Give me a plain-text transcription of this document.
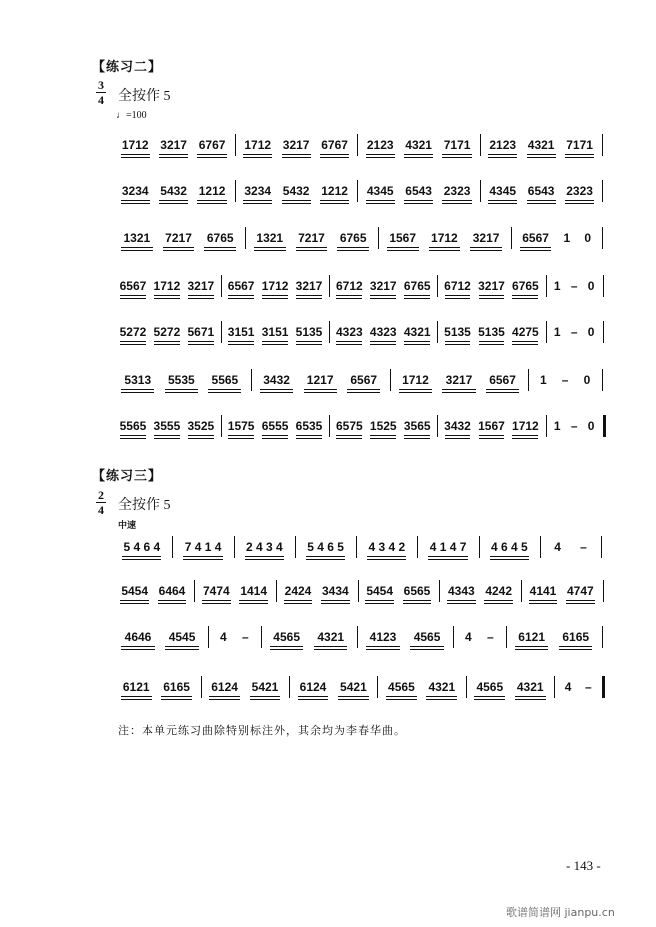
【练习二】
3
4 全按作 5
♩=100
1712 3217 6767	1712 3217 6767	2123 4321 7171	2123 4321 7171
3234 5432 1212	3234 5432 1212	4345 6543 2323	4345 6543 2323
1321	7217	6765	1321	7217	6765	1567	1712	3217	6567	1	0
6567 1712 3217	6567 1712 3217	6712 3217 6765	6712 3217 6765	1 – 0
5272 5272 5671	3151 3151 5135	4323 4323 4321	5135 5135 4275	1 – 0
5313	5535	5565	3432	1217	6567	1712	3217	6567	1	–	0
5565 3555 3525	1575 6555 6535	6575 1525 3565	3432 1567 1712	1 – 0
【练习三】
2
4 全按作 5
中速
5 4 6 4	7 4 1 4	2 4 3 4	5 4 6 5	4 3 4 2	4 1 4 7	4 6 4 5	4	–
5454 6464	7474 1414	2424 3434	5454 6565	4343 4242	4141 4747
4646	4545	4	–	4565	4321	4123	4565	4	–	6121	6165
6121	6165	6124	5421	6124	5421	4565	4321	4565	4321	4	–
注：本单元练习曲除特别标注外，其余均为李春华曲。
- 143 -
歌谱简谱网 jianpu.cn
